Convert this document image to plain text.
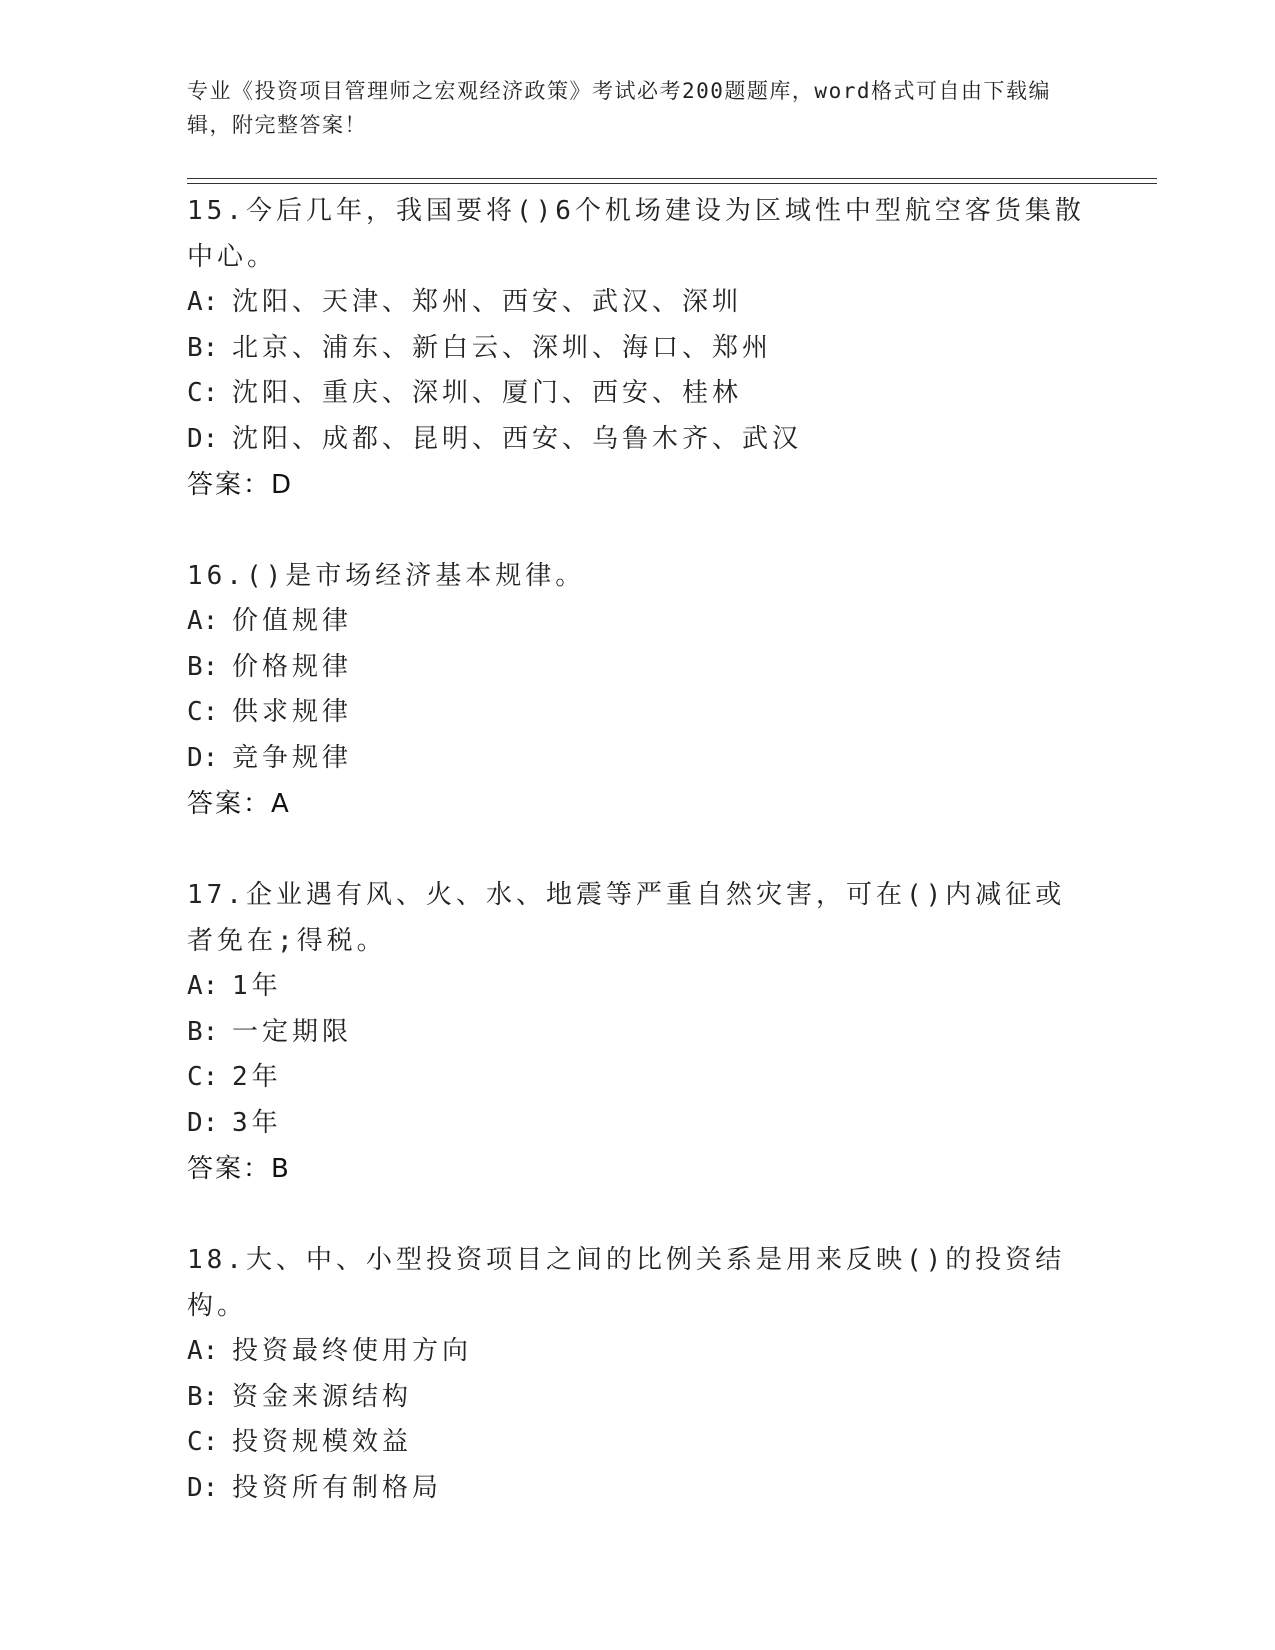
专业《投资项目管理师之宏观经济政策》考试必考200题题库，word格式可自由下载编辑，附完整答案！

15.今后几年，我国要将()6个机场建设为区域性中型航空客货集散中心。

A: 沈阳、天津、郑州、西安、武汉、深圳

B: 北京、浦东、新白云、深圳、海口、郑州

C: 沈阳、重庆、深圳、厦门、西安、桂林

D: 沈阳、成都、昆明、西安、乌鲁木齐、武汉

答案：D

16.()是市场经济基本规律。

A: 价值规律

B: 价格规律

C: 供求规律

D: 竞争规律

答案：A

17.企业遇有风、火、水、地震等严重自然灾害，可在()内减征或者免在;得税。

A: 1年

B: 一定期限

C: 2年

D: 3年

答案：B

18.大、中、小型投资项目之间的比例关系是用来反映()的投资结构。

A: 投资最终使用方向

B: 资金来源结构

C: 投资规模效益

D: 投资所有制格局
